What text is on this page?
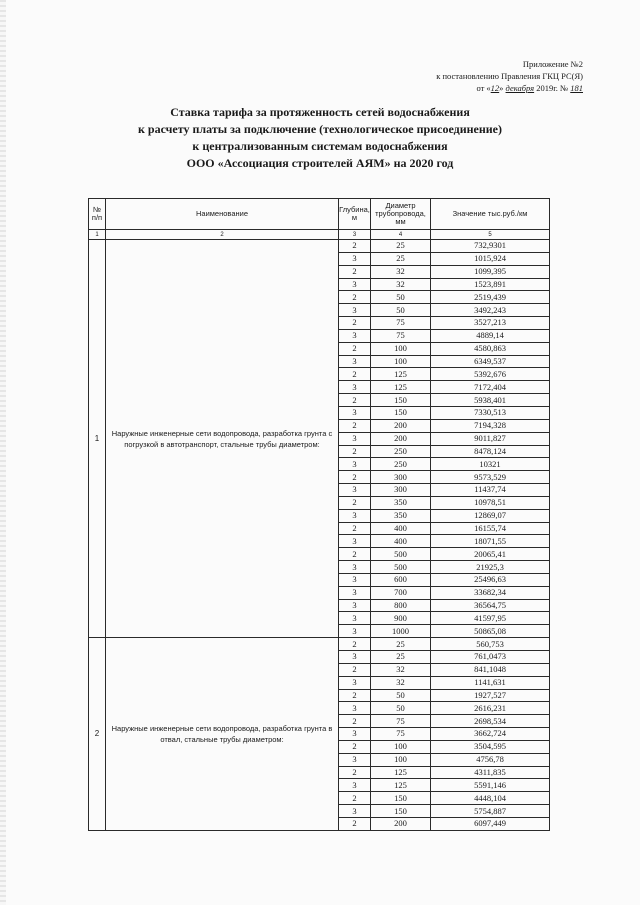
Приложение №2
к постановлению Правления ГКЦ РС(Я)
от «12» декабря 2019г. № 181
Ставка тарифа за протяженность сетей водоснабжения
к расчету платы за подключение (технологическое присоединение)
к централизованным системам водоснабжения
ООО «Ассоциация строителей АЯМ» на 2020 год
№ п/п	Наименование	Глубина, м	Диаметр трубопровода, мм	Значение тыс.руб./км
1	2	3	4	5
1	Наружные инженерные сети водопровода, разработка грунта с погрузкой в автотранспорт, стальные трубы диаметром:	2	25	732,9301
		3	25	1015,924
		2	32	1099,395
		3	32	1523,891
		2	50	2519,439
		3	50	3492,243
		2	75	3527,213
		3	75	4889,14
		2	100	4580,863
		3	100	6349,537
		2	125	5392,676
		3	125	7172,404
		2	150	5938,401
		3	150	7330,513
		2	200	7194,328
		3	200	9011,827
		2	250	8478,124
		3	250	10321
		2	300	9573,529
		3	300	11437,74
		2	350	10978,51
		3	350	12869,07
		2	400	16155,74
		3	400	18071,55
		2	500	20065,41
		3	500	21925,3
		3	600	25496,63
		3	700	33682,34
		3	800	36564,75
		3	900	41597,95
		3	1000	50865,08
2	Наружные инженерные сети водопровода, разработка грунта в отвал, стальные трубы диаметром:	2	25	560,753
		3	25	761,0473
		2	32	841,1048
		3	32	1141,631
		2	50	1927,527
		3	50	2616,231
		2	75	2698,534
		3	75	3662,724
		2	100	3504,595
		3	100	4756,78
		2	125	4311,835
		3	125	5591,146
		2	150	4448,104
		3	150	5754,887
		2	200	6097,449
